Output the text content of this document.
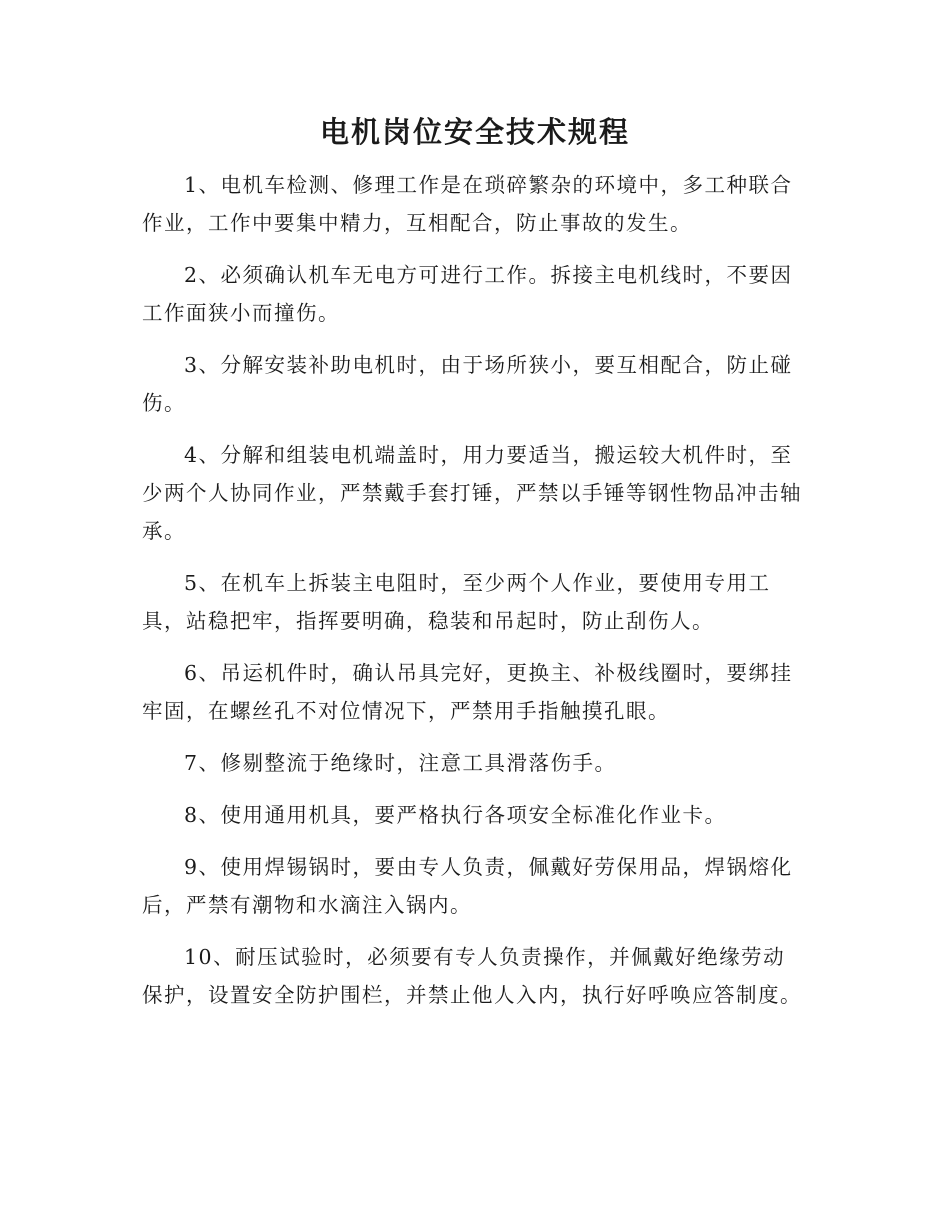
电机岗位安全技术规程

1、电机车检测、修理工作是在琐碎繁杂的环境中，多工种联合作业，工作中要集中精力，互相配合，防止事故的发生。

2、必须确认机车无电方可进行工作。拆接主电机线时，不要因工作面狭小而撞伤。

3、分解安装补助电机时，由于场所狭小，要互相配合，防止碰伤。

4、分解和组装电机端盖时，用力要适当，搬运较大机件时，至少两个人协同作业，严禁戴手套打锤，严禁以手锤等钢性物品冲击轴承。

5、在机车上拆装主电阻时，至少两个人作业，要使用专用工具，站稳把牢，指挥要明确，稳装和吊起时，防止刮伤人。

6、吊运机件时，确认吊具完好，更换主、补极线圈时，要绑挂牢固，在螺丝孔不对位情况下，严禁用手指触摸孔眼。

7、修剔整流于绝缘时，注意工具滑落伤手。

8、使用通用机具，要严格执行各项安全标准化作业卡。

9、使用焊锡锅时，要由专人负责，佩戴好劳保用品，焊锅熔化后，严禁有潮物和水滴注入锅内。

10、耐压试验时，必须要有专人负责操作，并佩戴好绝缘劳动保护，设置安全防护围栏，并禁止他人入内，执行好呼唤应答制度。
